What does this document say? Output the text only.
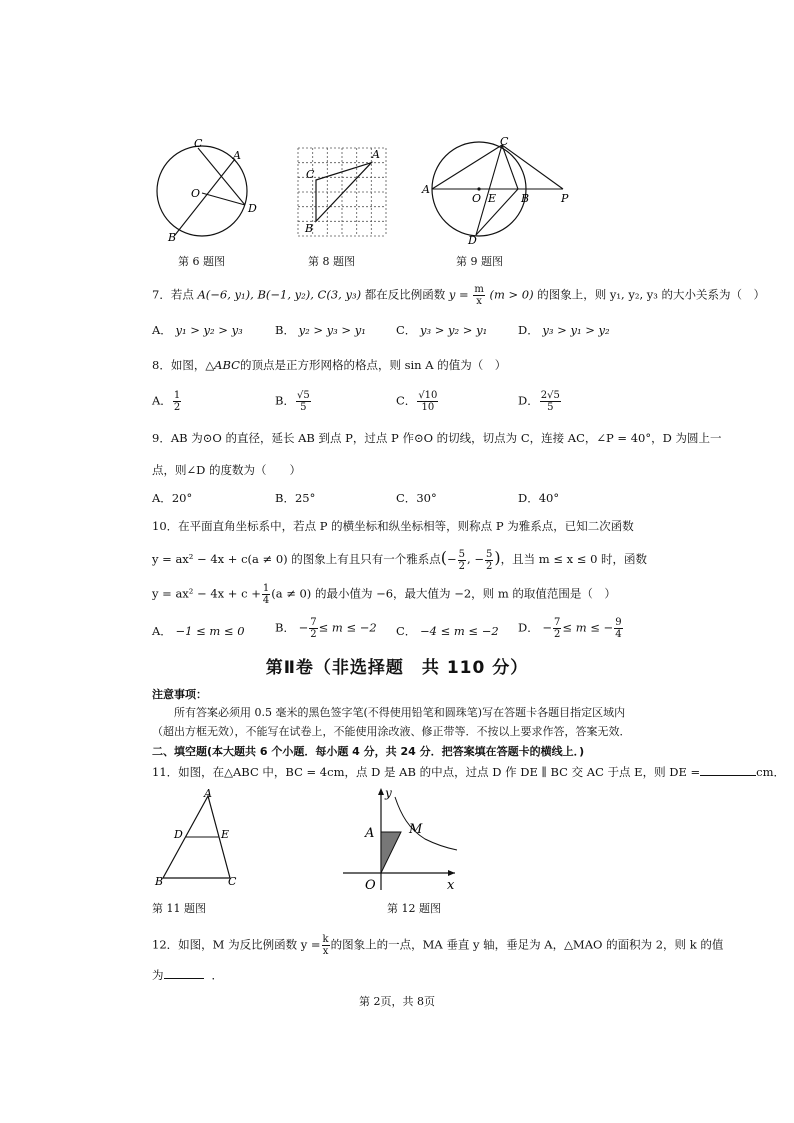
C
A
O
D
B
第 6 题图
A
C
B
第 8 题图
C
A
O E B	P
D
第 9 题图
7．若点 A(−6, y₁), B(−1, y₂), C(3, y₃) 都在反比例函数 $y = \frac{m}{x} (m > 0)$ 的图象上，则 y₁, y₂, y₃ 的大小关系为（　）
A． y₁ > y₂ > y₃	B． y₂ > y₃ > y₁	C． y₃ > y₂ > y₁	D． y₃ > y₁ > y₂
8．如图，△ABC的顶点是正方形网格的格点，则 sin A 的值为（　）
A． $\frac{1}{2}$	B． $\frac{√5}{5}$	C． $\frac{√10}{10}$	D． $\frac{2√5}{5}$
9．AB 为⊙O 的直径，延长 AB 到点 P，过点 P 作⊙O 的切线，切点为 C，连接 AC，∠P = 40°，D 为圆上一
点，则∠D 的度数为（　　）
A．20°	B．25°	C．30°	D．40°
10．在平面直角坐标系中，若点 P 的横坐标和纵坐标相等，则称点 P 为雅系点，已知二次函数
y = ax² − 4x + c(a ≠ 0) 的图象上有且只有一个雅系点(− $\frac{5}{2}$ , − $\frac{5}{2}$ )，且当 m ≤ x ≤ 0 时，函数
$y = ax^2 - 4x + c + \frac{1}{4} (a \ne 0)$ 的最小值为 −6，最大值为 −2，则 m 的取值范围是（　）
A． −1 ≤ m ≤ 0	B． − $\frac{7}{2} \le m \le -2$ C． −4 ≤ m ≤ −2 D． − $\frac{7}{2} \le m$ ≤ − $\frac{9}{4}$
第Ⅱ卷（非选择题　共 110 分）
注意事项：
所有答案必须用 0.5 毫米的黑色签字笔(不得使用铅笔和圆珠笔)写在答题卡各题目指定区域内（超出方框无效），不能写在试卷上，不能使用涂改液、修正带等．不按以上要求作答，答案无效．
二、填空题(本大题共 6 个小题．每小题 4 分，共 24 分．把答案填在答题卡的横线上．)
11．如图，在△ABC 中，BC = 4cm，点 D 是 AB 的中点，过点 D 作 DE ∥ BC 交 AC 于点 E，则 DE =	cm．
A
D	E
B	C
第 11 题图
y
A	M
O	x
第 12 题图
12．如图，M 为反比例函数 $y = \frac{k}{x}$ 的图象上的一点，MA 垂直 y 轴，垂足为 A，△MAO 的面积为 2，则 k 的值
为	．
第 2页，共 8页
